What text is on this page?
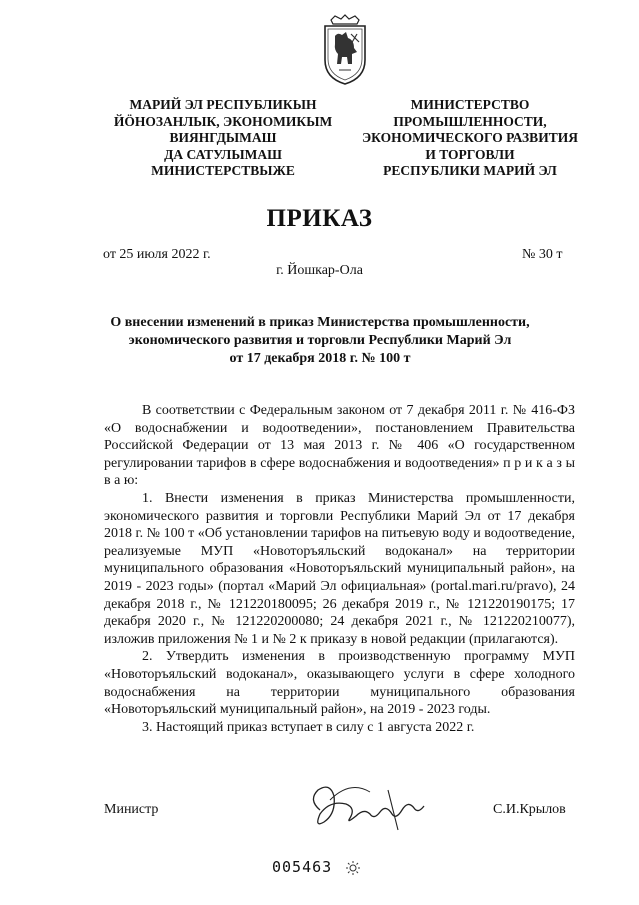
МАРИЙ ЭЛ РЕСПУБЛИКЫН
ЙӦНОЗАНЛЫК, ЭКОНОМИКЫМ
ВИЯНГДЫМАШ
ДА САТУЛЫМАШ
МИНИСТЕРСТВЫЖЕ
МИНИСТЕРСТВО
ПРОМЫШЛЕННОСТИ,
ЭКОНОМИЧЕСКОГО РАЗВИТИЯ
И ТОРГОВЛИ
РЕСПУБЛИКИ МАРИЙ ЭЛ
ПРИКАЗ
от 25 июля 2022 г.	№ 30 т
г. Йошкар-Ола
О внесении изменений в приказ Министерства промышленности,
экономического развития и торговли Республики Марий Эл
от 17 декабря 2018 г. № 100 т

В соответствии с Федеральным законом от 7 декабря 2011 г. № 416-ФЗ «О водоснабжении и водоотведении», постановлением Правительства Российской Федерации от 13 мая 2013 г. № 406 «О государственном регулировании тарифов в сфере водоснабжения и водоотведения» п р и к а з ы в а ю:

1. Внести изменения в приказ Министерства промышленности, экономического развития и торговли Республики Марий Эл от 17 декабря 2018 г. № 100 т «Об установлении тарифов на питьевую воду и водоотведение, реализуемые МУП «Новоторъяльский водоканал» на территории муниципального образования «Новоторъяльский муниципальный район», на 2019 - 2023 годы» (портал «Марий Эл официальная» (portal.mari.ru/pravo), 24 декабря 2018 г., № 121220180095; 26 декабря 2019 г., № 121220190175; 17 декабря 2020 г., № 121220200080; 24 декабря 2021 г., № 121220210077), изложив приложения № 1 и № 2 к приказу в новой редакции (прилагаются).

2. Утвердить изменения в производственную программу МУП «Новоторъяльский водоканал», оказывающего услуги в сфере холодного водоснабжения на территории муниципального образования «Новоторъяльский муниципальный район», на 2019 - 2023 годы.

3. Настоящий приказ вступает в силу с 1 августа 2022 г.

Министр	С.И.Крылов
005463
